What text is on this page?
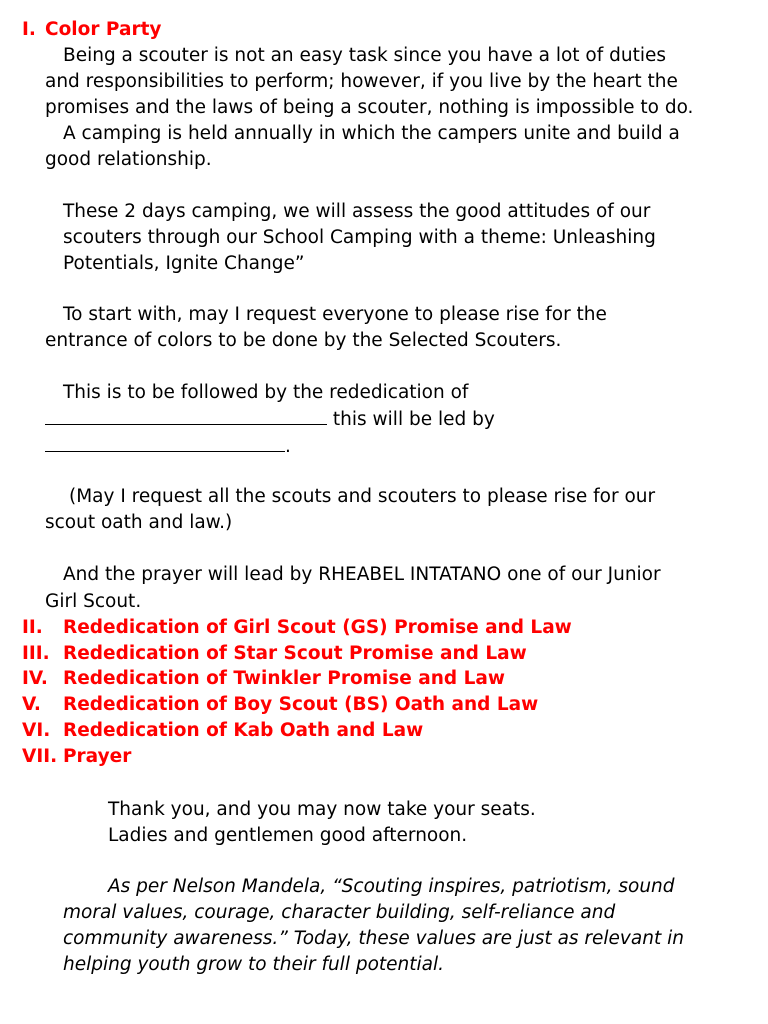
I. Color Party
Being a scouter is not an easy task since you have a lot of duties
and responsibilities to perform; however, if you live by the heart the
promises and the laws of being a scouter, nothing is impossible to do.
A camping is held annually in which the campers unite and build a
good relationship.
These 2 days camping, we will assess the good attitudes of our
scouters through our School Camping with a theme: Unleashing
Potentials, Ignite Change”
To start with, may I request everyone to please rise for the
entrance of colors to be done by the Selected Scouters.
This is to be followed by the rededication of
this will be led by
.
(May I request all the scouts and scouters to please rise for our
scout oath and law.)
And the prayer will lead by RHEABEL INTATANO one of our Junior
Girl Scout.
II. Rededication of Girl Scout (GS) Promise and Law
III. Rededication of Star Scout Promise and Law
IV. Rededication of Twinkler Promise and Law
V. Rededication of Boy Scout (BS) Oath and Law
VI. Rededication of Kab Oath and Law
VII. Prayer
Thank you, and you may now take your seats.
Ladies and gentlemen good afternoon.
As per Nelson Mandela, “Scouting inspires, patriotism, sound
moral values, courage, character building, self-reliance and
community awareness.” Today, these values are just as relevant in
helping youth grow to their full potential.
